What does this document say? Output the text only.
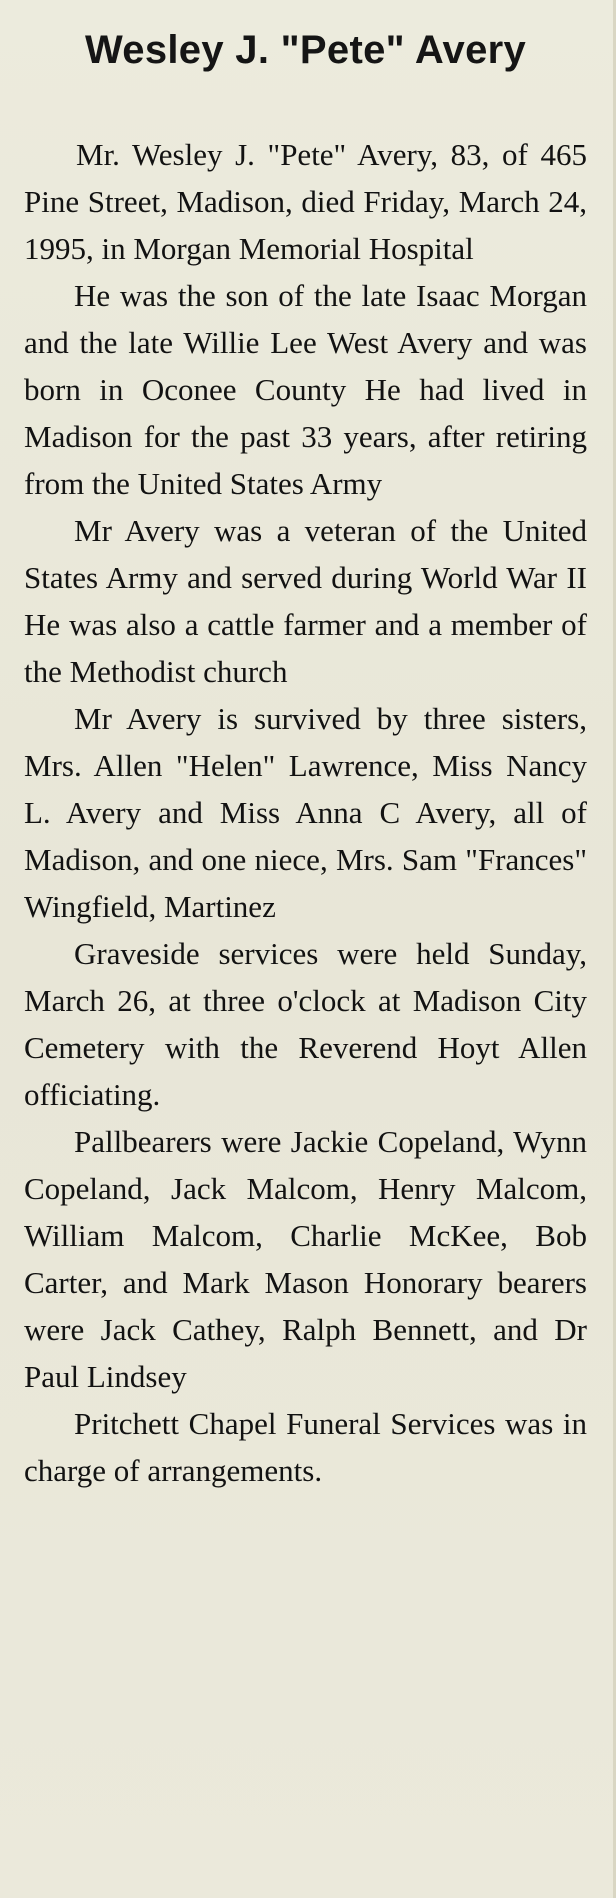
Wesley J. "Pete" Avery

Mr. Wesley J. "Pete" Avery, 83, of 465 Pine Street, Madison, died Friday, March 24, 1995, in Morgan Memorial Hospital

He was the son of the late Isaac Morgan and the late Willie Lee West Avery and was born in Oconee County He had lived in Madison for the past 33 years, after retiring from the United States Army

Mr Avery was a veteran of the United States Army and served during World War II He was also a cattle farmer and a member of the Methodist church

Mr Avery is survived by three sisters, Mrs. Allen "Helen" Lawrence, Miss Nancy L. Avery and Miss Anna C Avery, all of Madison, and one niece, Mrs. Sam "Frances" Wingfield, Martinez

Graveside services were held Sunday, March 26, at three o'clock at Madison City Cemetery with the Reverend Hoyt Allen officiating.

Pallbearers were Jackie Copeland, Wynn Copeland, Jack Malcom, Henry Malcom, William Malcom, Charlie McKee, Bob Carter, and Mark Mason Honorary bearers were Jack Cathey, Ralph Bennett, and Dr Paul Lindsey

Pritchett Chapel Funeral Services was in charge of arrangements.
